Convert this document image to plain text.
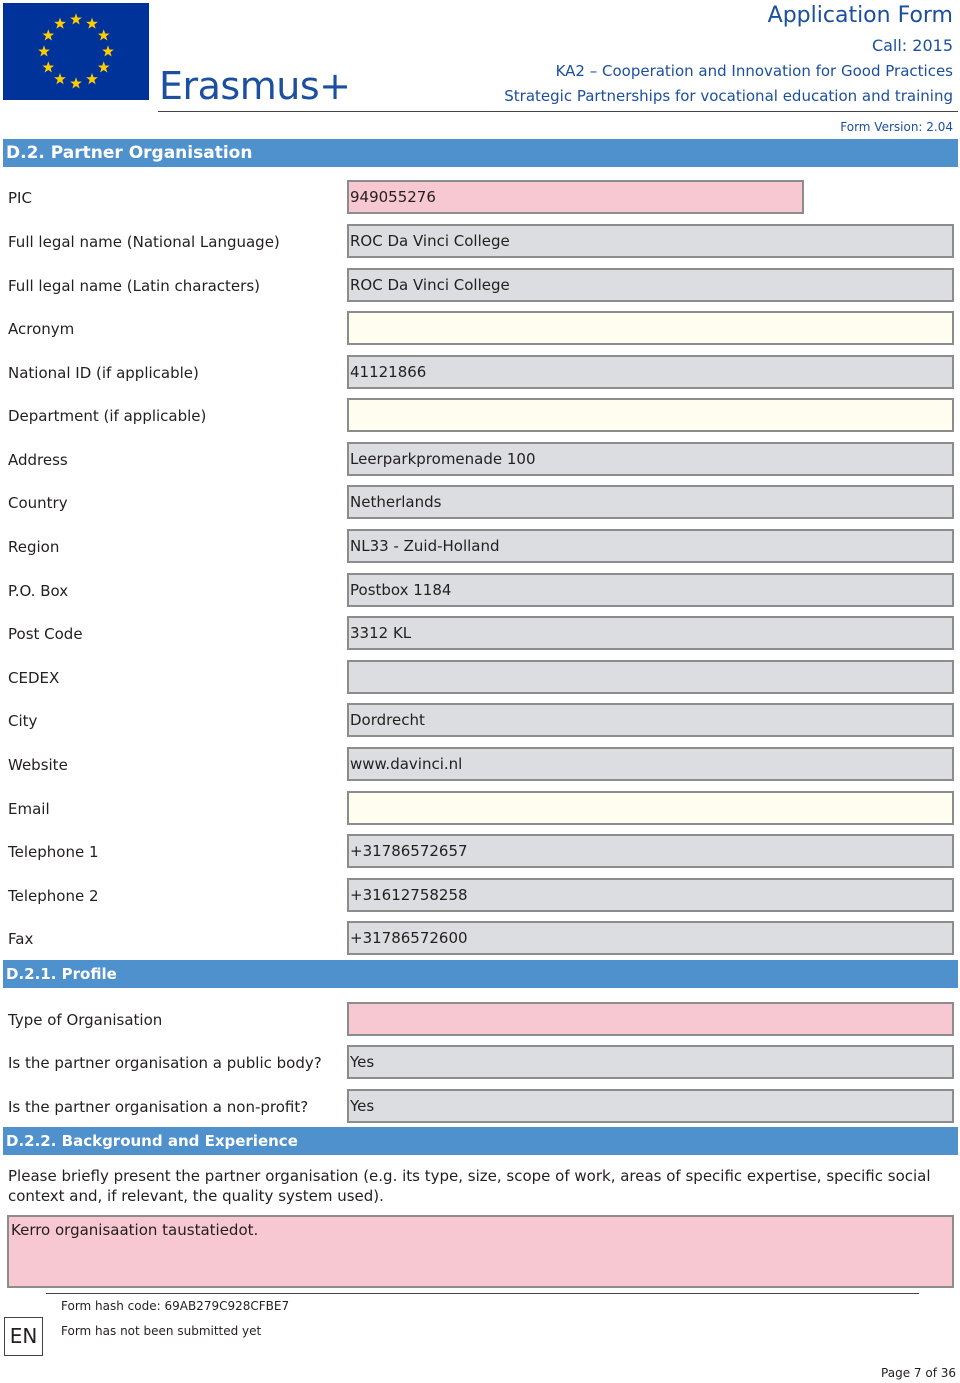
Erasmus+
Application Form
Call: 2015
KA2 – Cooperation and Innovation for Good Practices
Strategic Partnerships for vocational education and training
Form Version: 2.04
D.2. Partner Organisation
PIC	949055276
Full legal name (National Language)	ROC Da Vinci College
Full legal name (Latin characters)	ROC Da Vinci College
Acronym
National ID (if applicable)	41121866
Department (if applicable)
Address	Leerparkpromenade 100
Country	Netherlands
Region	NL33 - Zuid-Holland
P.O. Box	Postbox 1184
Post Code	3312 KL
CEDEX
City	Dordrecht
Website	www.davinci.nl
Email
Telephone 1	+31786572657
Telephone 2	+31612758258
Fax	+31786572600
D.2.1. Profile
Type of Organisation
Is the partner organisation a public body? Yes
Is the partner organisation a non-profit?	Yes
D.2.2. Background and Experience
Please briefly present the partner organisation (e.g. its type, size, scope of work, areas of specific expertise, specific social context and, if relevant, the quality system used).
Kerro organisaation taustatiedot.
EN
Form hash code: 69AB279C928CFBE7
Form has not been submitted yet
Page 7 of 36
